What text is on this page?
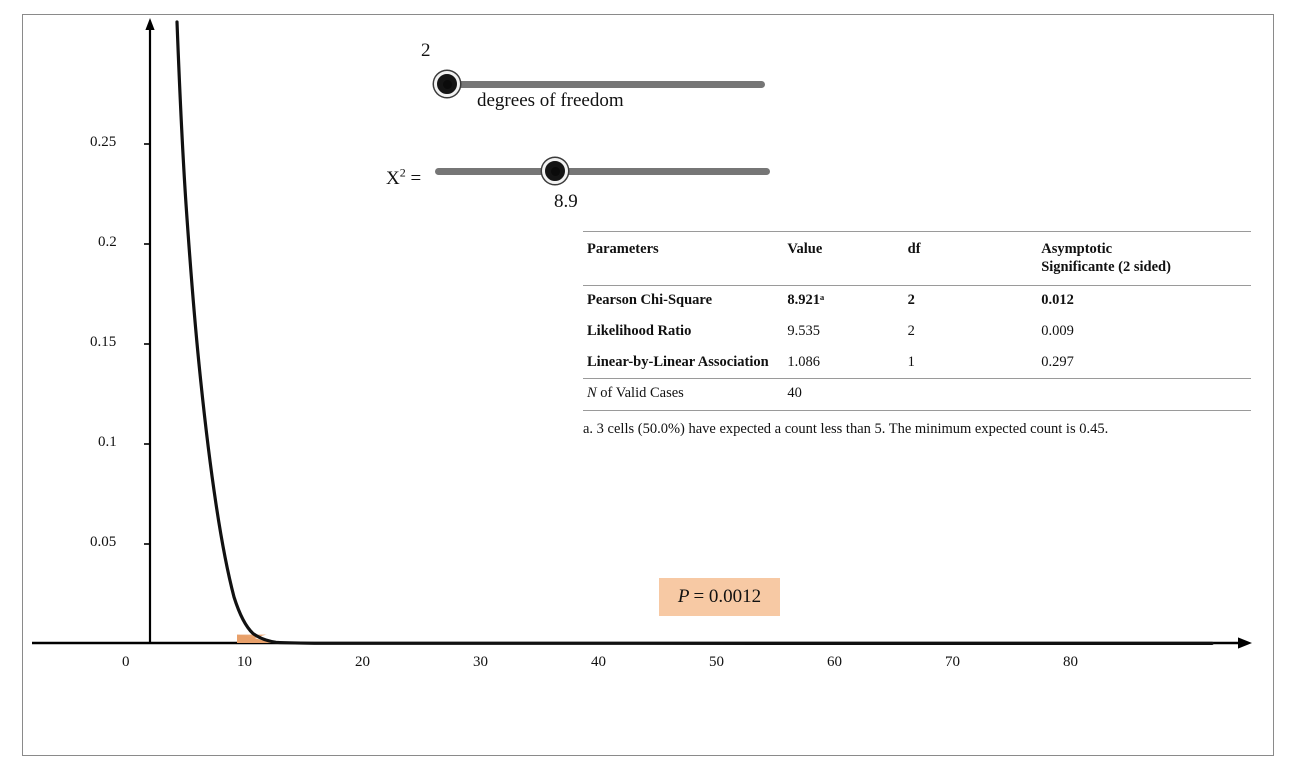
0.25
0.2
0.15
0.1
0.05
0	10	20	30	40	50	60	70	80
2
degrees of freedom
$X^2$ =
8.9
Parameters	Value	df	Asymptotic
Significante (2 sided)
Pearson Chi-Square	8.921ᵃ	2	0.012
Likelihood Ratio	9.535	2	0.009
Linear-by-Linear Association	1.086	1	0.297
N of Valid Cases	40		
a. 3 cells (50.0%) have expected a count less than 5. The minimum expected count is 0.45.
P = 0.0012
